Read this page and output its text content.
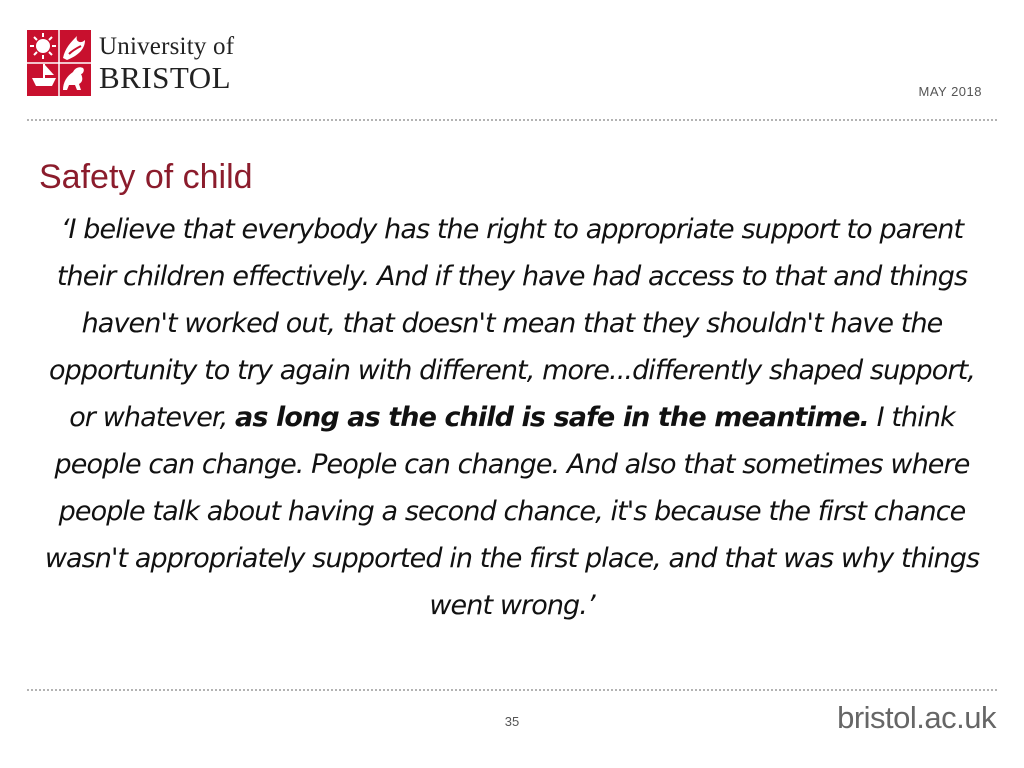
University of
BRISTOL	MAY 2018
Safety of child

‘I believe that everybody has the right to appropriate support to parent their children effectively. And if they have had access to that and things haven't worked out, that doesn't mean that they shouldn't have the opportunity to try again with different, more...differently shaped support, or whatever, as long as the child is safe in the meantime. I think people can change. People can change. And also that sometimes where people talk about having a second chance, it's because the first chance wasn't appropriately supported in the first place, and that was why things went wrong.’

35	bristol.ac.uk
